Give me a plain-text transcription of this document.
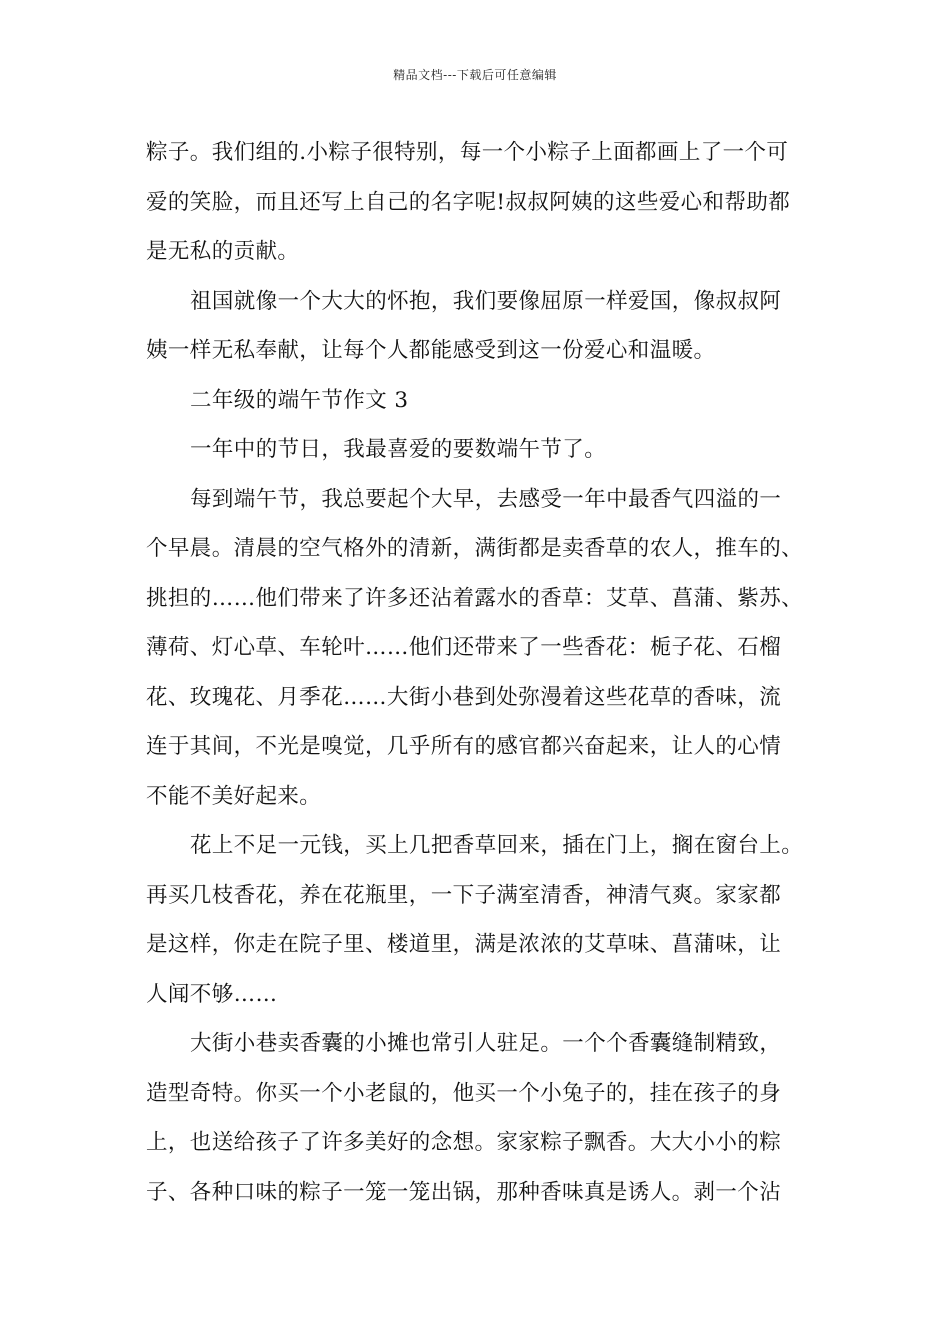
精品文档---下载后可任意编辑
粽子。我们组的.小粽子很特别，每一个小粽子上面都画上了一个可
爱的笑脸，而且还写上自己的名字呢!叔叔阿姨的这些爱心和帮助都
是无私的贡献。
祖国就像一个大大的怀抱，我们要像屈原一样爱国，像叔叔阿
姨一样无私奉献，让每个人都能感受到这一份爱心和温暖。
二年级的端午节作文 3
一年中的节日，我最喜爱的要数端午节了。
每到端午节，我总要起个大早，去感受一年中最香气四溢的一
个早晨。清晨的空气格外的清新，满街都是卖香草的农人，推车的、
挑担的……他们带来了许多还沾着露水的香草：艾草、菖蒲、紫苏、
薄荷、灯心草、车轮叶……他们还带来了一些香花：栀子花、石榴
花、玫瑰花、月季花……大街小巷到处弥漫着这些花草的香味，流
连于其间，不光是嗅觉，几乎所有的感官都兴奋起来，让人的心情
不能不美好起来。
花上不足一元钱，买上几把香草回来，插在门上，搁在窗台上。
再买几枝香花，养在花瓶里，一下子满室清香，神清气爽。家家都
是这样，你走在院子里、楼道里，满是浓浓的艾草味、菖蒲味，让
人闻不够……
大街小巷卖香囊的小摊也常引人驻足。一个个香囊缝制精致，
造型奇特。你买一个小老鼠的，他买一个小兔子的，挂在孩子的身
上，也送给孩子了许多美好的念想。家家粽子飘香。大大小小的粽
子、各种口味的粽子一笼一笼出锅，那种香味真是诱人。剥一个沾
